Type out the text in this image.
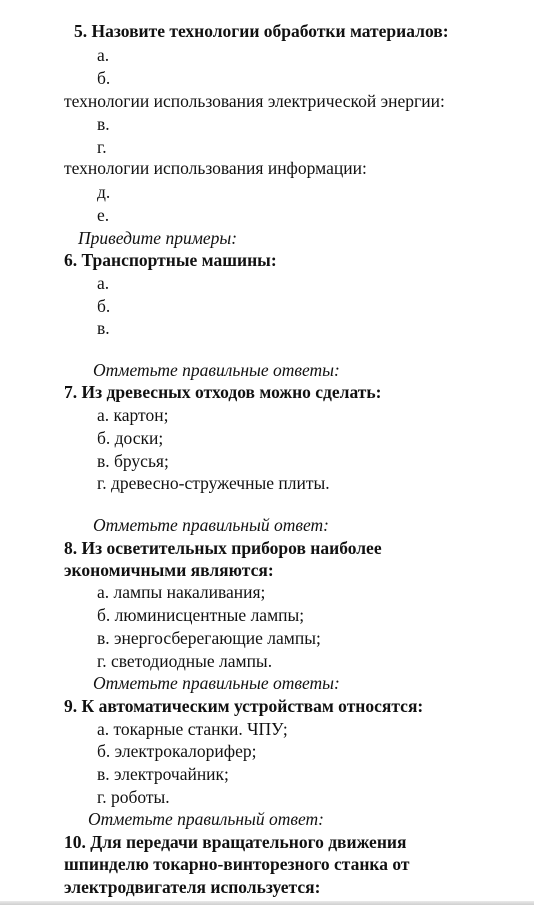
5. Назовите технологии обработки материалов:
а.
б.
технологии использования электрической энергии:
в.
г.
технологии использования информации:
д.
е.
Приведите примеры:
6. Транспортные машины:
а.
б.
в.
Отметьте правильные ответы:
7. Из древесных отходов можно сделать:
а. картон;
б. доски;
в. брусья;
г. древесно-стружечные плиты.
Отметьте правильный ответ:
8. Из осветительных приборов наиболее
экономичными являются:
а. лампы накаливания;
б. люминисцентные лампы;
в. энергосберегающие лампы;
г. светодиодные лампы.
Отметьте правильные ответы:
9. К автоматическим устройствам относятся:
а. токарные станки. ЧПУ;
б. электрокалорифер;
в. электрочайник;
г. роботы.
Отметьте правильный ответ:
10. Для передачи вращательного движения
шпинделю токарно-винторезного станка от
электродвигателя используется:
